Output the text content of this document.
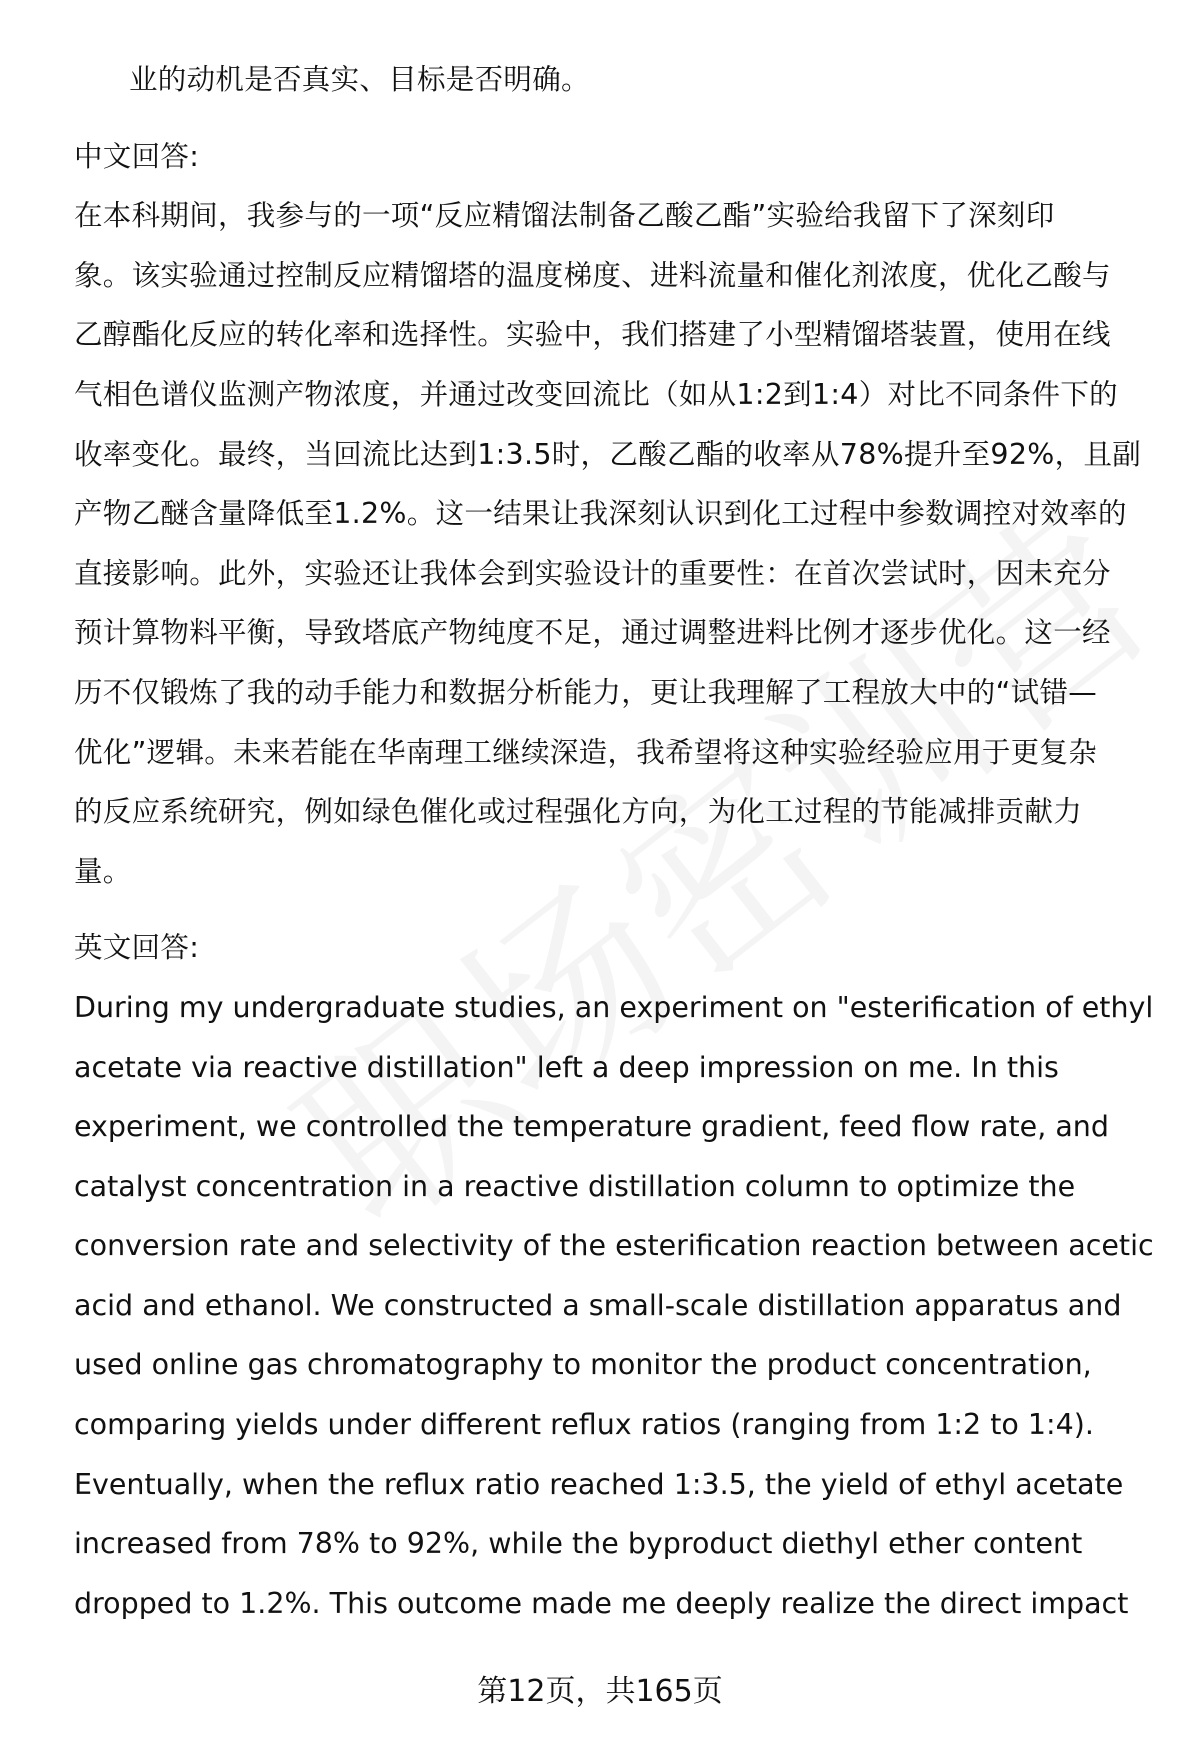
业的动机是否真实、目标是否明确。
中文回答:
在本科期间，我参与的一项“反应精馏法制备乙酸乙酯”实验给我留下了深刻印
象。该实验通过控制反应精馏塔的温度梯度、进料流量和催化剂浓度，优化乙酸与
乙醇酯化反应的转化率和选择性。实验中，我们搭建了小型精馏塔装置，使用在线
气相色谱仪监测产物浓度，并通过改变回流比（如从1:2到1:4）对比不同条件下的
收率变化。最终，当回流比达到1:3.5时，乙酸乙酯的收率从78%提升至92%，且副
产物乙醚含量降低至1.2%。这一结果让我深刻认识到化工过程中参数调控对效率的
直接影响。此外，实验还让我体会到实验设计的重要性：在首次尝试时，因未充分
预计算物料平衡，导致塔底产物纯度不足，通过调整进料比例才逐步优化。这一经
历不仅锻炼了我的动手能力和数据分析能力，更让我理解了工程放大中的“试错—
优化”逻辑。未来若能在华南理工继续深造，我希望将这种实验经验应用于更复杂
的反应系统研究，例如绿色催化或过程强化方向，为化工过程的节能减排贡献力
量。
英文回答:
During my undergraduate studies, an experiment on "esterification of ethyl
acetate via reactive distillation" left a deep impression on me. In this
experiment, we controlled the temperature gradient, feed flow rate, and
catalyst concentration in a reactive distillation column to optimize the
conversion rate and selectivity of the esterification reaction between acetic
acid and ethanol. We constructed a small-scale distillation apparatus and
used online gas chromatography to monitor the product concentration,
comparing yields under different reflux ratios (ranging from 1:2 to 1:4).
Eventually, when the reflux ratio reached 1:3.5, the yield of ethyl acetate
increased from 78% to 92%, while the byproduct diethyl ether content
dropped to 1.2%. This outcome made me deeply realize the direct impact
第12页，共165页
